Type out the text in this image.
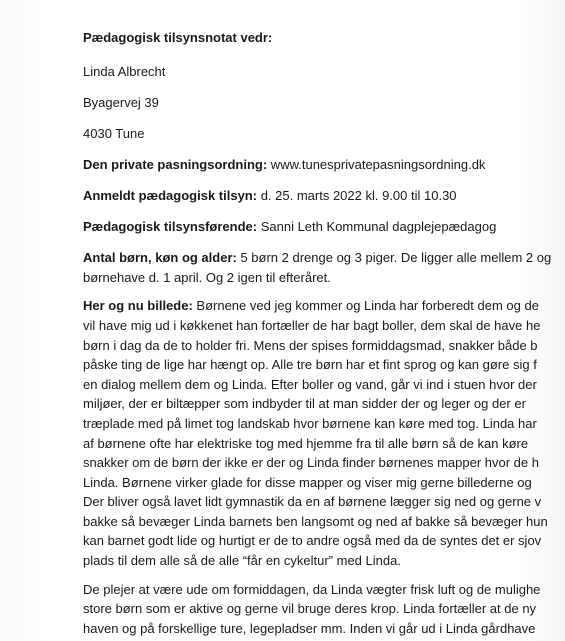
Pædagogisk tilsynsnotat vedr:
Linda Albrecht
Byagervej 39
4030 Tune
Den private pasningsordning: www.tunesprivatepasningsordning.dk
Anmeldt pædagogisk tilsyn: d. 25. marts 2022 kl. 9.00 til 10.30
Pædagogisk tilsynsførende: Sanni Leth Kommunal dagplejepædagog
Antal børn, køn og alder: 5 børn 2 drenge og 3 piger. De ligger alle mellem 2 og
børnehave d. 1 april. Og 2 igen til efteråret.
Her og nu billede: Børnene ved jeg kommer og Linda har forberedt dem og de
vil have mig ud i køkkenet han fortæller de har bagt boller, dem skal de have he
børn i dag da de to holder fri. Mens der spises formiddagsmad, snakker både b
påske ting de lige har hængt op. Alle tre børn har et fint sprog og kan gøre sig f
en dialog mellem dem og Linda. Efter boller og vand, går vi ind i stuen hvor der
miljøer, der er biltæpper som indbyder til at man sidder der og leger og der er
træplade med på limet tog landskab hvor børnene kan køre med tog. Linda har
af børnene ofte har elektriske tog med hjemme fra til alle børn så de kan køre
snakker om de børn der ikke er der og Linda finder børnenes mapper hvor de h
Linda. Børnene virker glade for disse mapper og viser mig gerne billederne og
Der bliver også lavet lidt gymnastik da en af børnene lægger sig ned og gerne v
bakke så bevæger Linda barnets ben langsomt og ned af bakke så bevæger hun
kan barnet godt lide og hurtigt er de to andre også med da de syntes det er sjov
plads til dem alle så de alle “får en cykeltur” med Linda.
De plejer at være ude om formiddagen, da Linda vægter frisk luft og de mulighe
store børn som er aktive og gerne vil bruge deres krop. Linda fortæller at de ny
haven og på forskellige ture, legepladser mm. Inden vi går ud i Linda gårdhave
